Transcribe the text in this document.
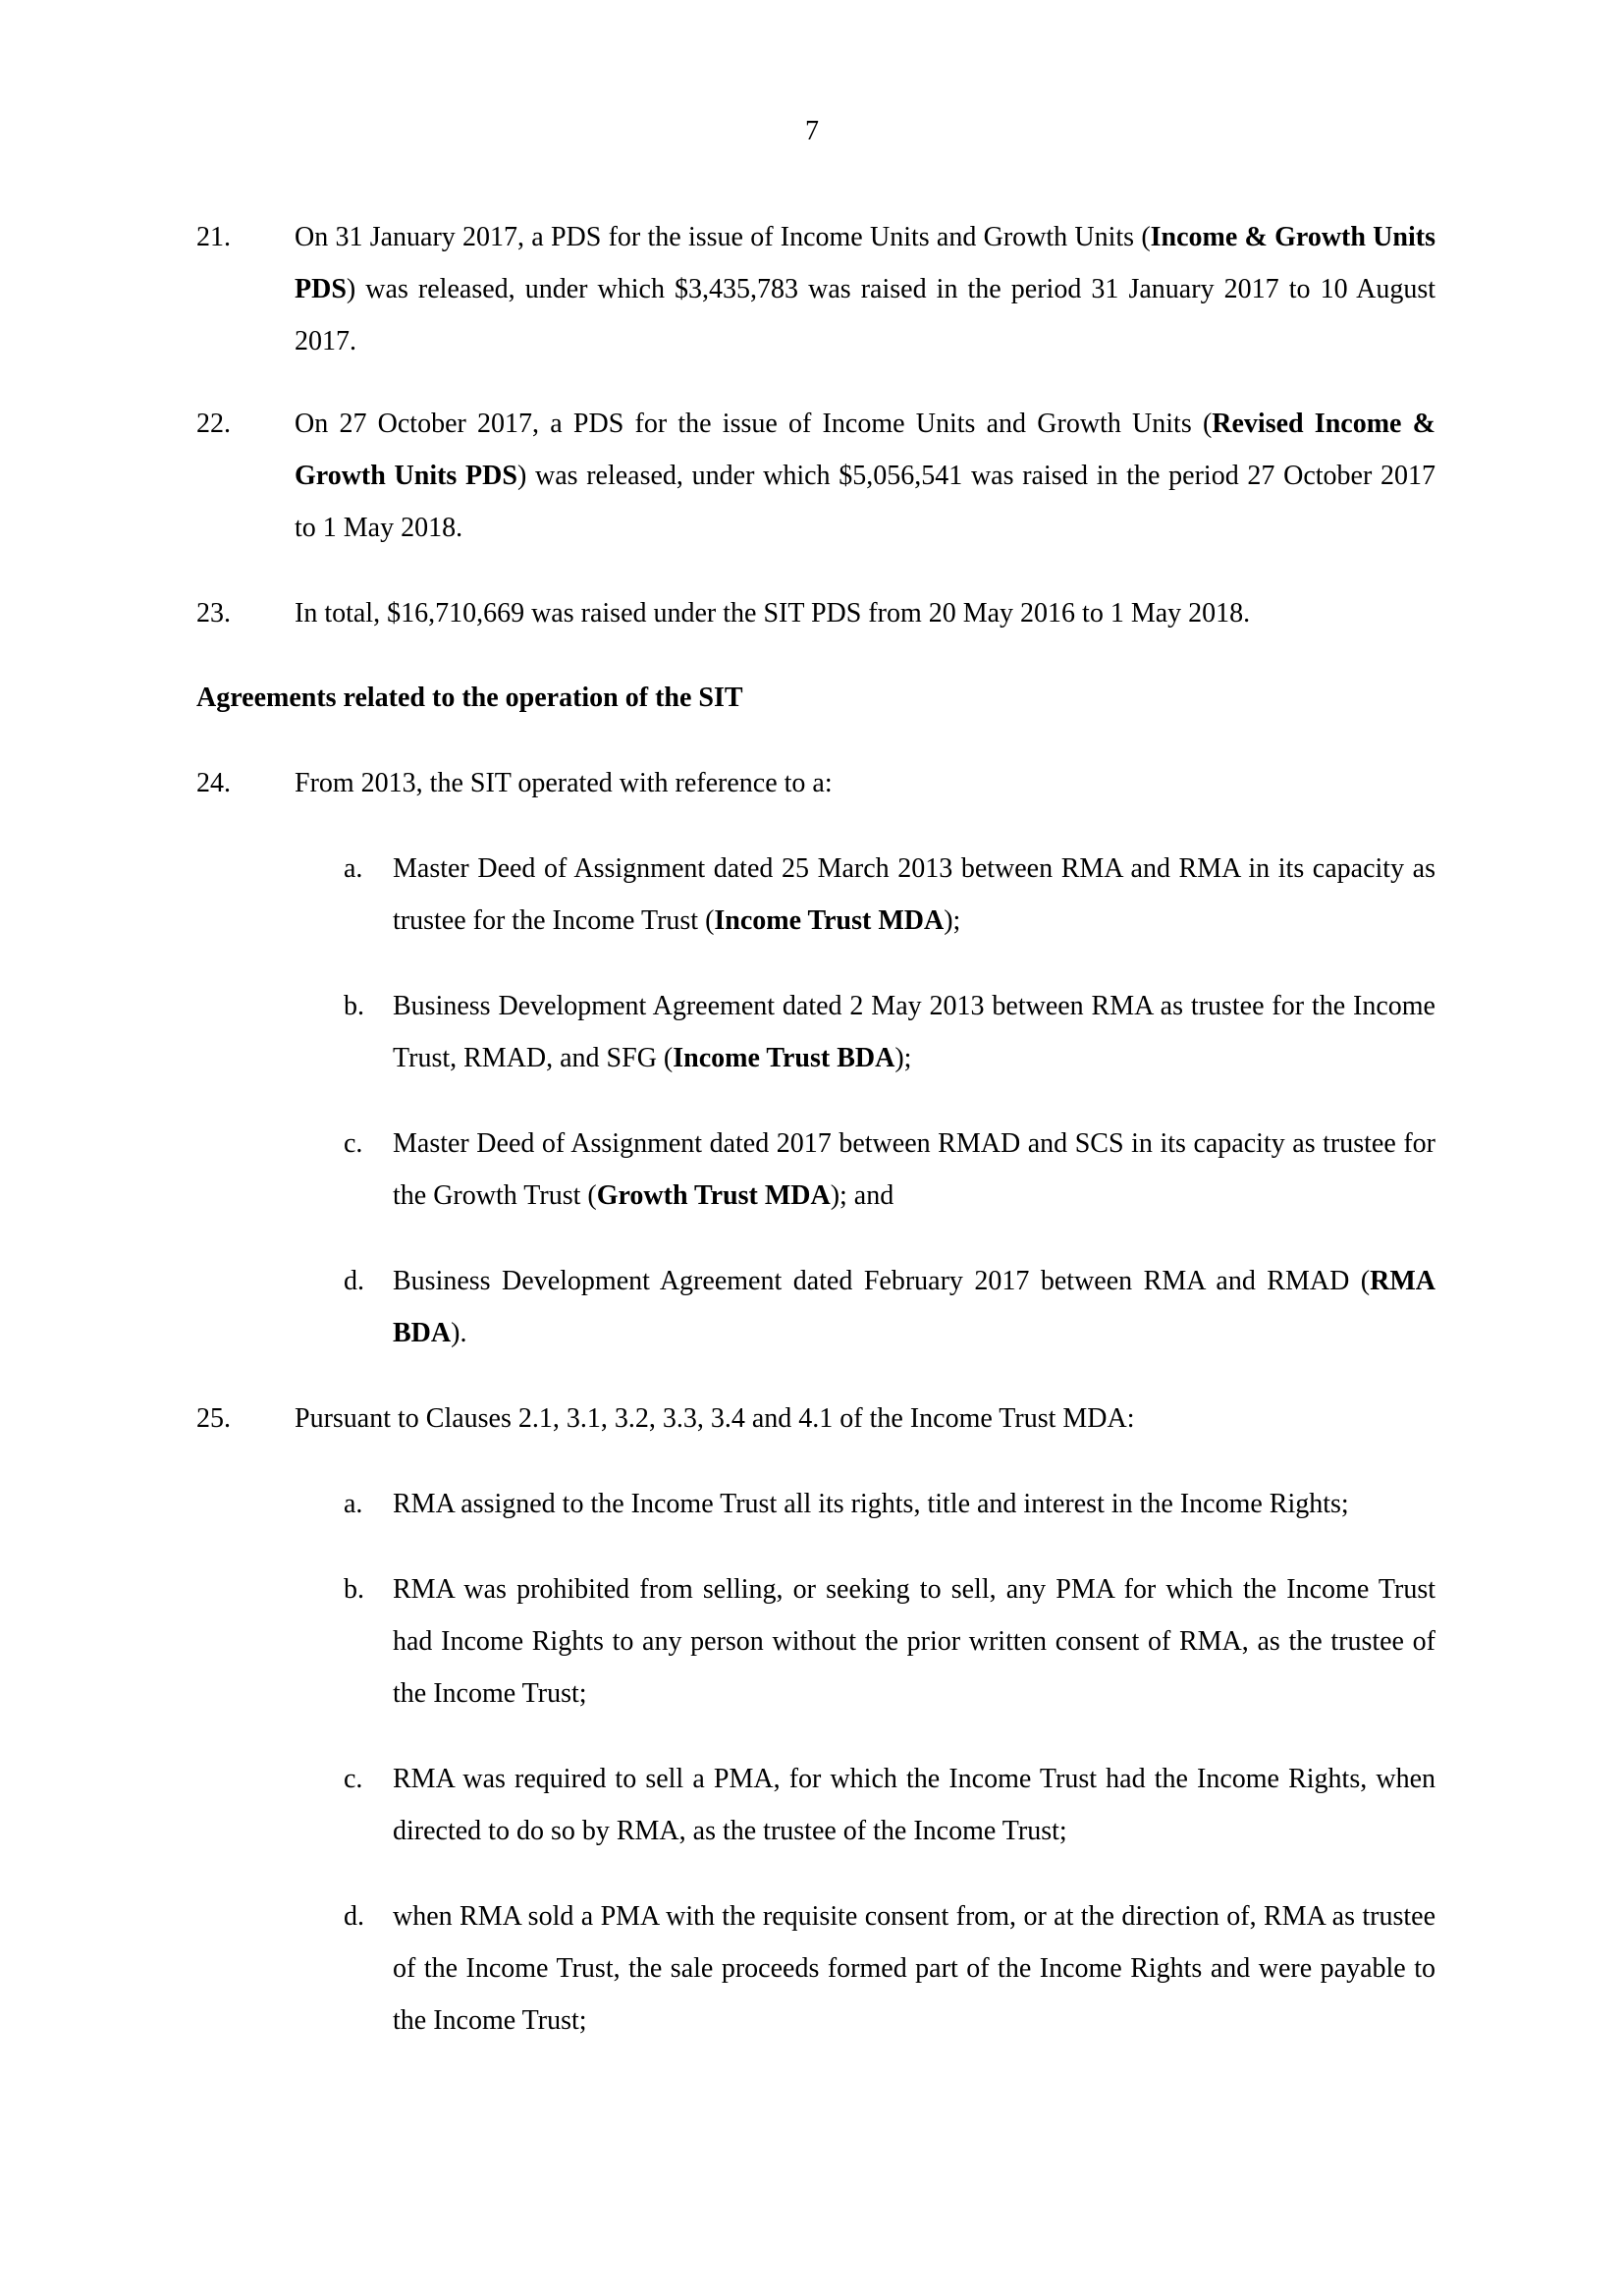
7
21. On 31 January 2017, a PDS for the issue of Income Units and Growth Units (Income & Growth Units PDS) was released, under which $3,435,783 was raised in the period 31 January 2017 to 10 August 2017.
22. On 27 October 2017, a PDS for the issue of Income Units and Growth Units (Revised Income & Growth Units PDS) was released, under which $5,056,541 was raised in the period 27 October 2017 to 1 May 2018.
23. In total, $16,710,669 was raised under the SIT PDS from 20 May 2016 to 1 May 2018.
Agreements related to the operation of the SIT
24. From 2013, the SIT operated with reference to a:
a. Master Deed of Assignment dated 25 March 2013 between RMA and RMA in its capacity as trustee for the Income Trust (Income Trust MDA);
b. Business Development Agreement dated 2 May 2013 between RMA as trustee for the Income Trust, RMAD, and SFG (Income Trust BDA);
c. Master Deed of Assignment dated 2017 between RMAD and SCS in its capacity as trustee for the Growth Trust (Growth Trust MDA); and
d. Business Development Agreement dated February 2017 between RMA and RMAD (RMA BDA).
25. Pursuant to Clauses 2.1, 3.1, 3.2, 3.3, 3.4 and 4.1 of the Income Trust MDA:
a. RMA assigned to the Income Trust all its rights, title and interest in the Income Rights;
b. RMA was prohibited from selling, or seeking to sell, any PMA for which the Income Trust had Income Rights to any person without the prior written consent of RMA, as the trustee of the Income Trust;
c. RMA was required to sell a PMA, for which the Income Trust had the Income Rights, when directed to do so by RMA, as the trustee of the Income Trust;
d. when RMA sold a PMA with the requisite consent from, or at the direction of, RMA as trustee of the Income Trust, the sale proceeds formed part of the Income Rights and were payable to the Income Trust;
